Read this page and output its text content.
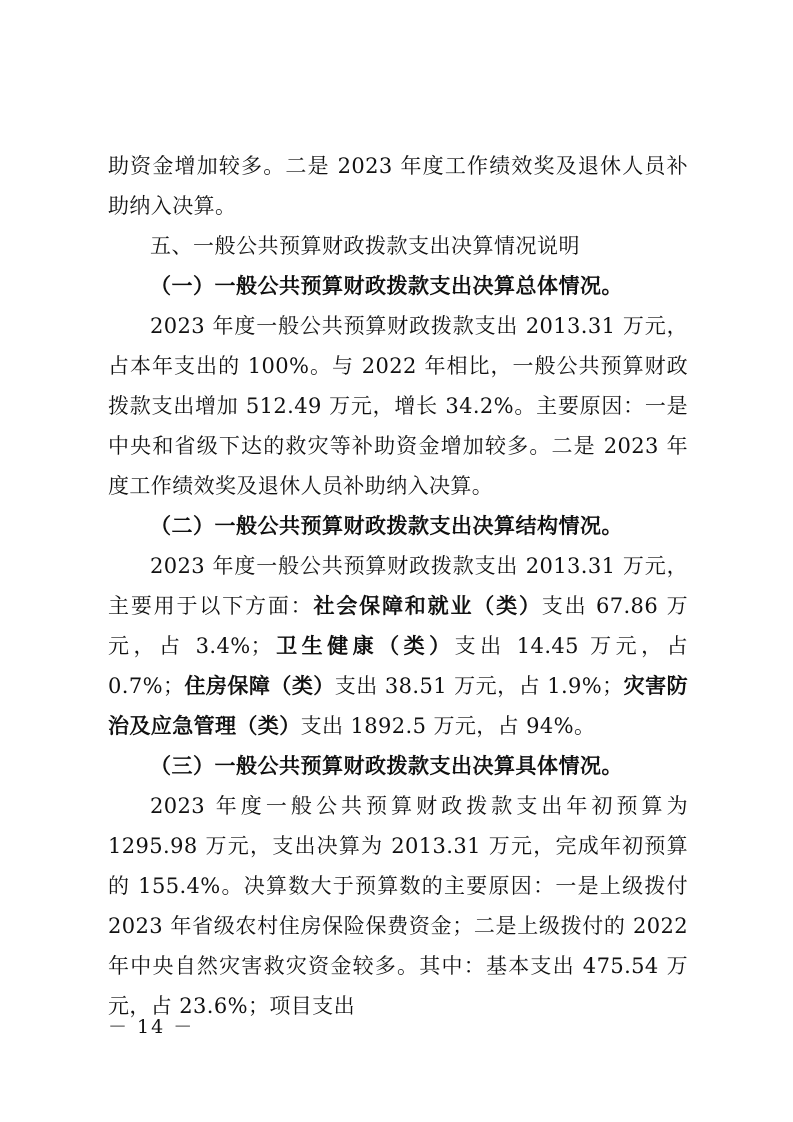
助资金增加较多。二是 2023 年度工作绩效奖及退休人员补助纳入决算。

五、一般公共预算财政拨款支出决算情况说明

（一）一般公共预算财政拨款支出决算总体情况。

2023 年度一般公共预算财政拨款支出 2013.31 万元，占本年支出的 100%。与 2022 年相比，一般公共预算财政拨款支出增加 512.49 万元，增长 34.2%。主要原因：一是中央和省级下达的救灾等补助资金增加较多。二是 2023 年度工作绩效奖及退休人员补助纳入决算。

（二）一般公共预算财政拨款支出决算结构情况。

2023 年度一般公共预算财政拨款支出 2013.31 万元，主要用于以下方面：社会保障和就业（类）支出 67.86 万元，占 3.4%；卫生健康（类）支出 14.45 万元，占 0.7%；住房保障（类）支出 38.51 万元，占 1.9%；灾害防治及应急管理（类）支出 1892.5 万元，占 94%。

（三）一般公共预算财政拨款支出决算具体情况。

2023 年度一般公共预算财政拨款支出年初预算为 1295.98 万元，支出决算为 2013.31 万元，完成年初预算的 155.4%。决算数大于预算数的主要原因：一是上级拨付 2023 年省级农村住房保险保费资金；二是上级拨付的 2022 年中央自然灾害救灾资金较多。其中：基本支出 475.54 万元，占 23.6%；项目支出

－ 14 －
